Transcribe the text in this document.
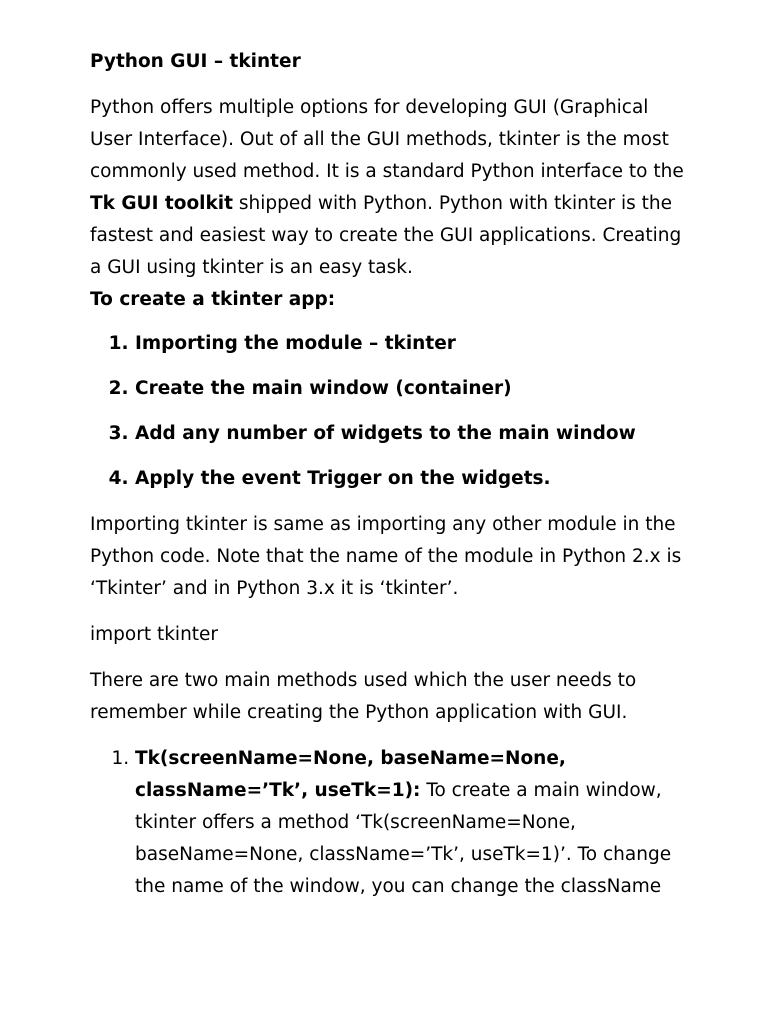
Python GUI – tkinter

Python offers multiple options for developing GUI (Graphical User Interface). Out of all the GUI methods, tkinter is the most commonly used method. It is a standard Python interface to the Tk GUI toolkit shipped with Python. Python with tkinter is the fastest and easiest way to create the GUI applications. Creating a GUI using tkinter is an easy task.

To create a tkinter app:

1. Importing the module – tkinter
2. Create the main window (container)
3. Add any number of widgets to the main window
4. Apply the event Trigger on the widgets.

Importing tkinter is same as importing any other module in the Python code. Note that the name of the module in Python 2.x is ‘Tkinter’ and in Python 3.x it is ‘tkinter’.

import tkinter

There are two main methods used which the user needs to remember while creating the Python application with GUI.

1. Tk(screenName=None, baseName=None, className=’Tk’, useTk=1): To create a main window, tkinter offers a method ‘Tk(screenName=None, baseName=None, className=’Tk’, useTk=1)’. To change the name of the window, you can change the className
